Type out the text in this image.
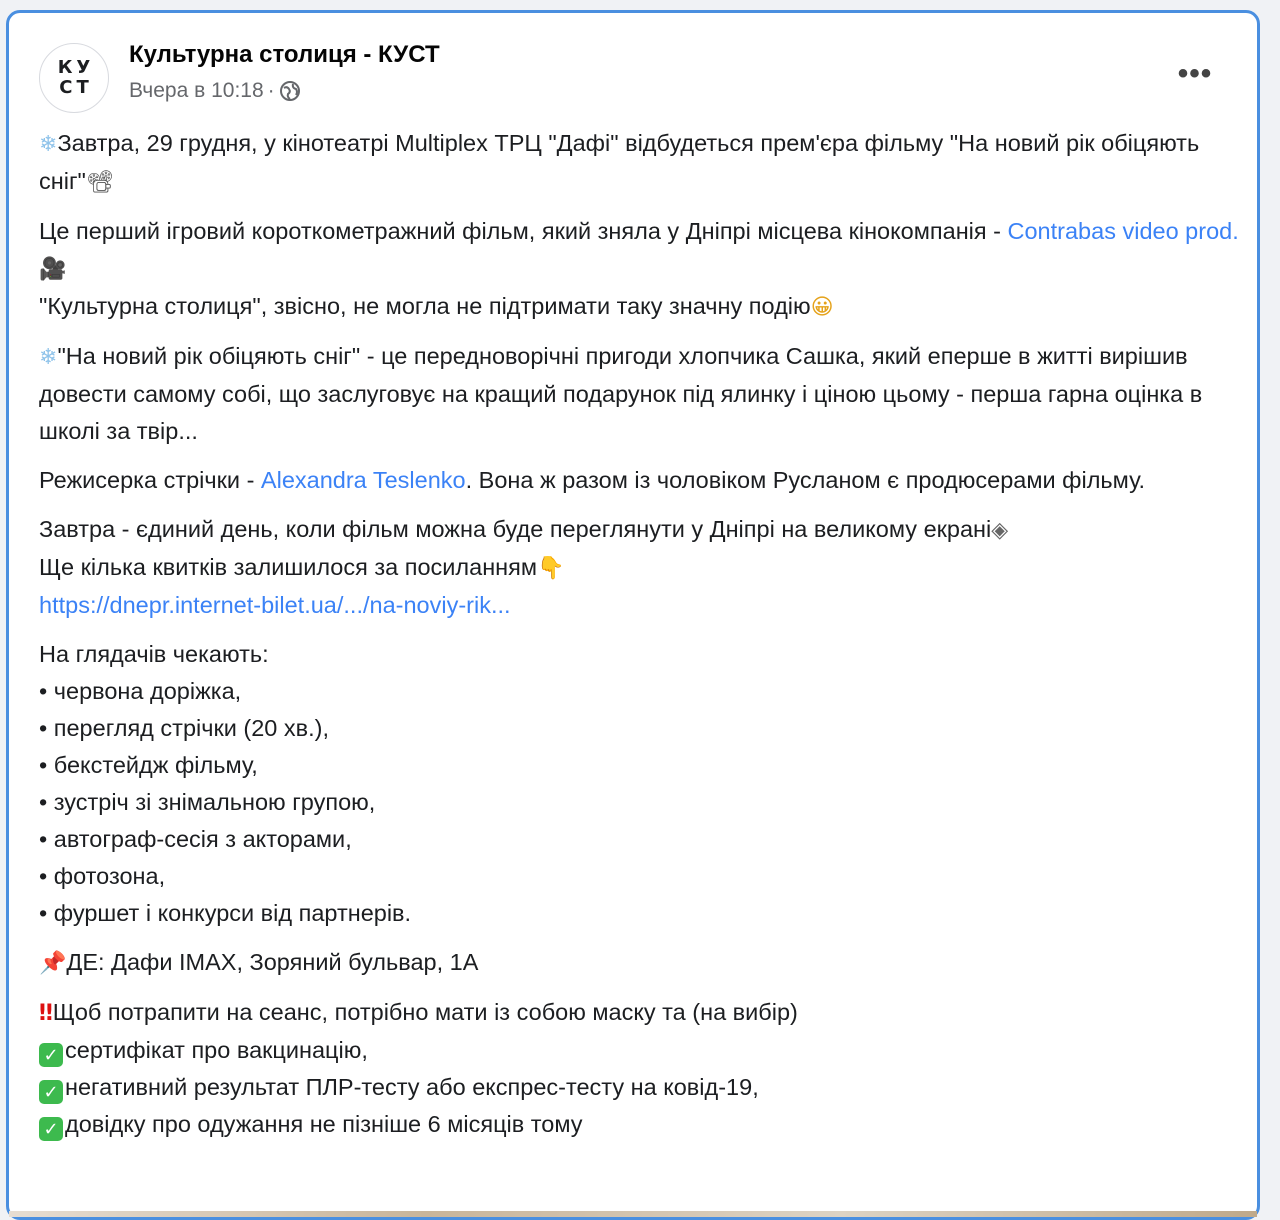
КУ
СТ
Культурна столиця - КУСТ
Вчера в 10:18 ·
•••

❄Завтра, 29 грудня, у кінотеатрі Multiplex ТРЦ "Дафі" відбудеться прем'єра фільму "На новий рік обіцяють сніг"📽

Це перший ігровий короткометражний фільм, який зняла у Дніпрі місцева кінокомпанія - Contrabas video prod.🎥
"Культурна столиця", звісно, не могла не підтримати таку значну подію😀

❄"На новий рік обіцяють сніг" - це передноворічні пригоди хлопчика Сашка, який еперше в житті вирішив довести самому собі, що заслуговує на кращий подарунок під ялинку і ціною цьому - перша гарна оцінка в школі за твір...

Режисерка стрічки - Alexandra Teslenko. Вона ж разом із чоловіком Русланом є продюсерами фільму.

Завтра - єдиний день, коли фільм можна буде переглянути у Дніпрі на великому екрані◈
Ще кілька квитків залишилося за посиланням👇
https://dnepr.internet-bilet.ua/.../na-noviy-rik...

На глядачів чекають:
• червона доріжка,
• перегляд стрічки (20 хв.),
• бекстейдж фільму,
• зустріч зі знімальною групою,
• автограф-сесія з акторами,
• фотозона,
• фуршет і конкурси від партнерів.

📌ДЕ: Дафи IMAX, Зоряний бульвар, 1А

‼Щоб потрапити на сеанс, потрібно мати із собою маску та (на вибір)
✓ сертифікат про вакцинацію,
✓ негативний результат ПЛР-тесту або експрес-тесту на ковід-19,
✓ довідку про одужання не пізніше 6 місяців тому
